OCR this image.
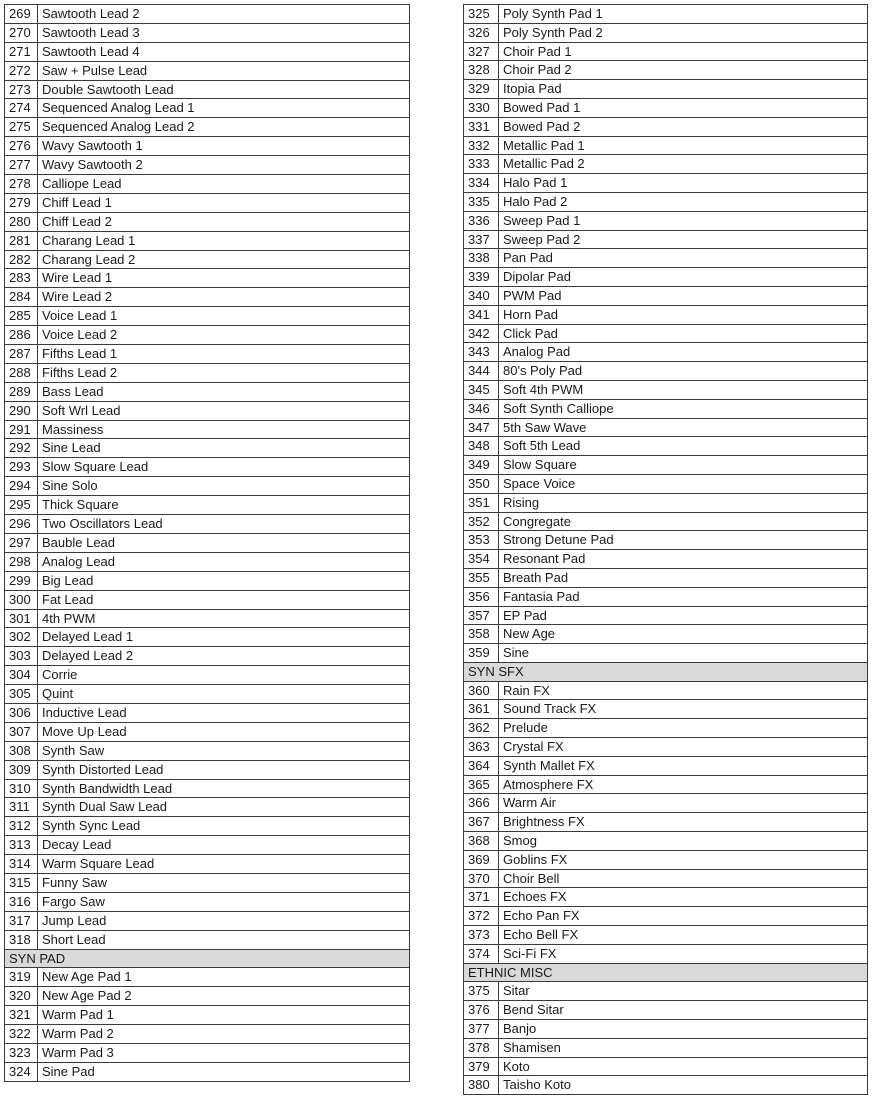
269 Sawtooth Lead 2
270 Sawtooth Lead 3
271 Sawtooth Lead 4
272 Saw + Pulse Lead
273 Double Sawtooth Lead
274 Sequenced Analog Lead 1
275 Sequenced Analog Lead 2
276 Wavy Sawtooth 1
277 Wavy Sawtooth 2
278 Calliope Lead
279 Chiff Lead 1
280 Chiff Lead 2
281 Charang Lead 1
282 Charang Lead 2
283 Wire Lead 1
284 Wire Lead 2
285 Voice Lead 1
286 Voice Lead 2
287 Fifths Lead 1
288 Fifths Lead 2
289 Bass Lead
290 Soft Wrl Lead
291 Massiness
292 Sine Lead
293 Slow Square Lead
294 Sine Solo
295 Thick Square
296 Two Oscillators Lead
297 Bauble Lead
298 Analog Lead
299 Big Lead
300 Fat Lead
301 4th PWM
302 Delayed Lead 1
303 Delayed Lead 2
304 Corrie
305 Quint
306 Inductive Lead
307 Move Up Lead
308 Synth Saw
309 Synth Distorted Lead
310 Synth Bandwidth Lead
311 Synth Dual Saw Lead
312 Synth Sync Lead
313 Decay Lead
314 Warm Square Lead
315 Funny Saw
316 Fargo Saw
317 Jump Lead
318 Short Lead
SYN PAD
319 New Age Pad 1
320 New Age Pad 2
321 Warm Pad 1
322 Warm Pad 2
323 Warm Pad 3
324 Sine Pad
325	Poly Synth Pad 1
326	Poly Synth Pad 2
327	Choir Pad 1
328	Choir Pad 2
329	Itopia Pad
330	Bowed Pad 1
331	Bowed Pad 2
332	Metallic Pad 1
333	Metallic Pad 2
334	Halo Pad 1
335	Halo Pad 2
336	Sweep Pad 1
337	Sweep Pad 2
338	Pan Pad
339	Dipolar Pad
340	PWM Pad
341	Horn Pad
342	Click Pad
343	Analog Pad
344	80's Poly Pad
345	Soft 4th PWM
346	Soft Synth Calliope
347	5th Saw Wave
348	Soft 5th Lead
349	Slow Square
350	Space Voice
351	Rising
352	Congregate
353	Strong Detune Pad
354	Resonant Pad
355	Breath Pad
356	Fantasia Pad
357	EP Pad
358	New Age
359	Sine
SYN SFX
360	Rain FX
361	Sound Track FX
362	Prelude
363	Crystal FX
364	Synth Mallet FX
365	Atmosphere FX
366	Warm Air
367	Brightness FX
368	Smog
369	Goblins FX
370	Choir Bell
371	Echoes FX
372	Echo Pan FX
373	Echo Bell FX
374	Sci-Fi FX
ETHNIC MISC
375	Sitar
376	Bend Sitar
377	Banjo
378	Shamisen
379	Koto
380	Taisho Koto
